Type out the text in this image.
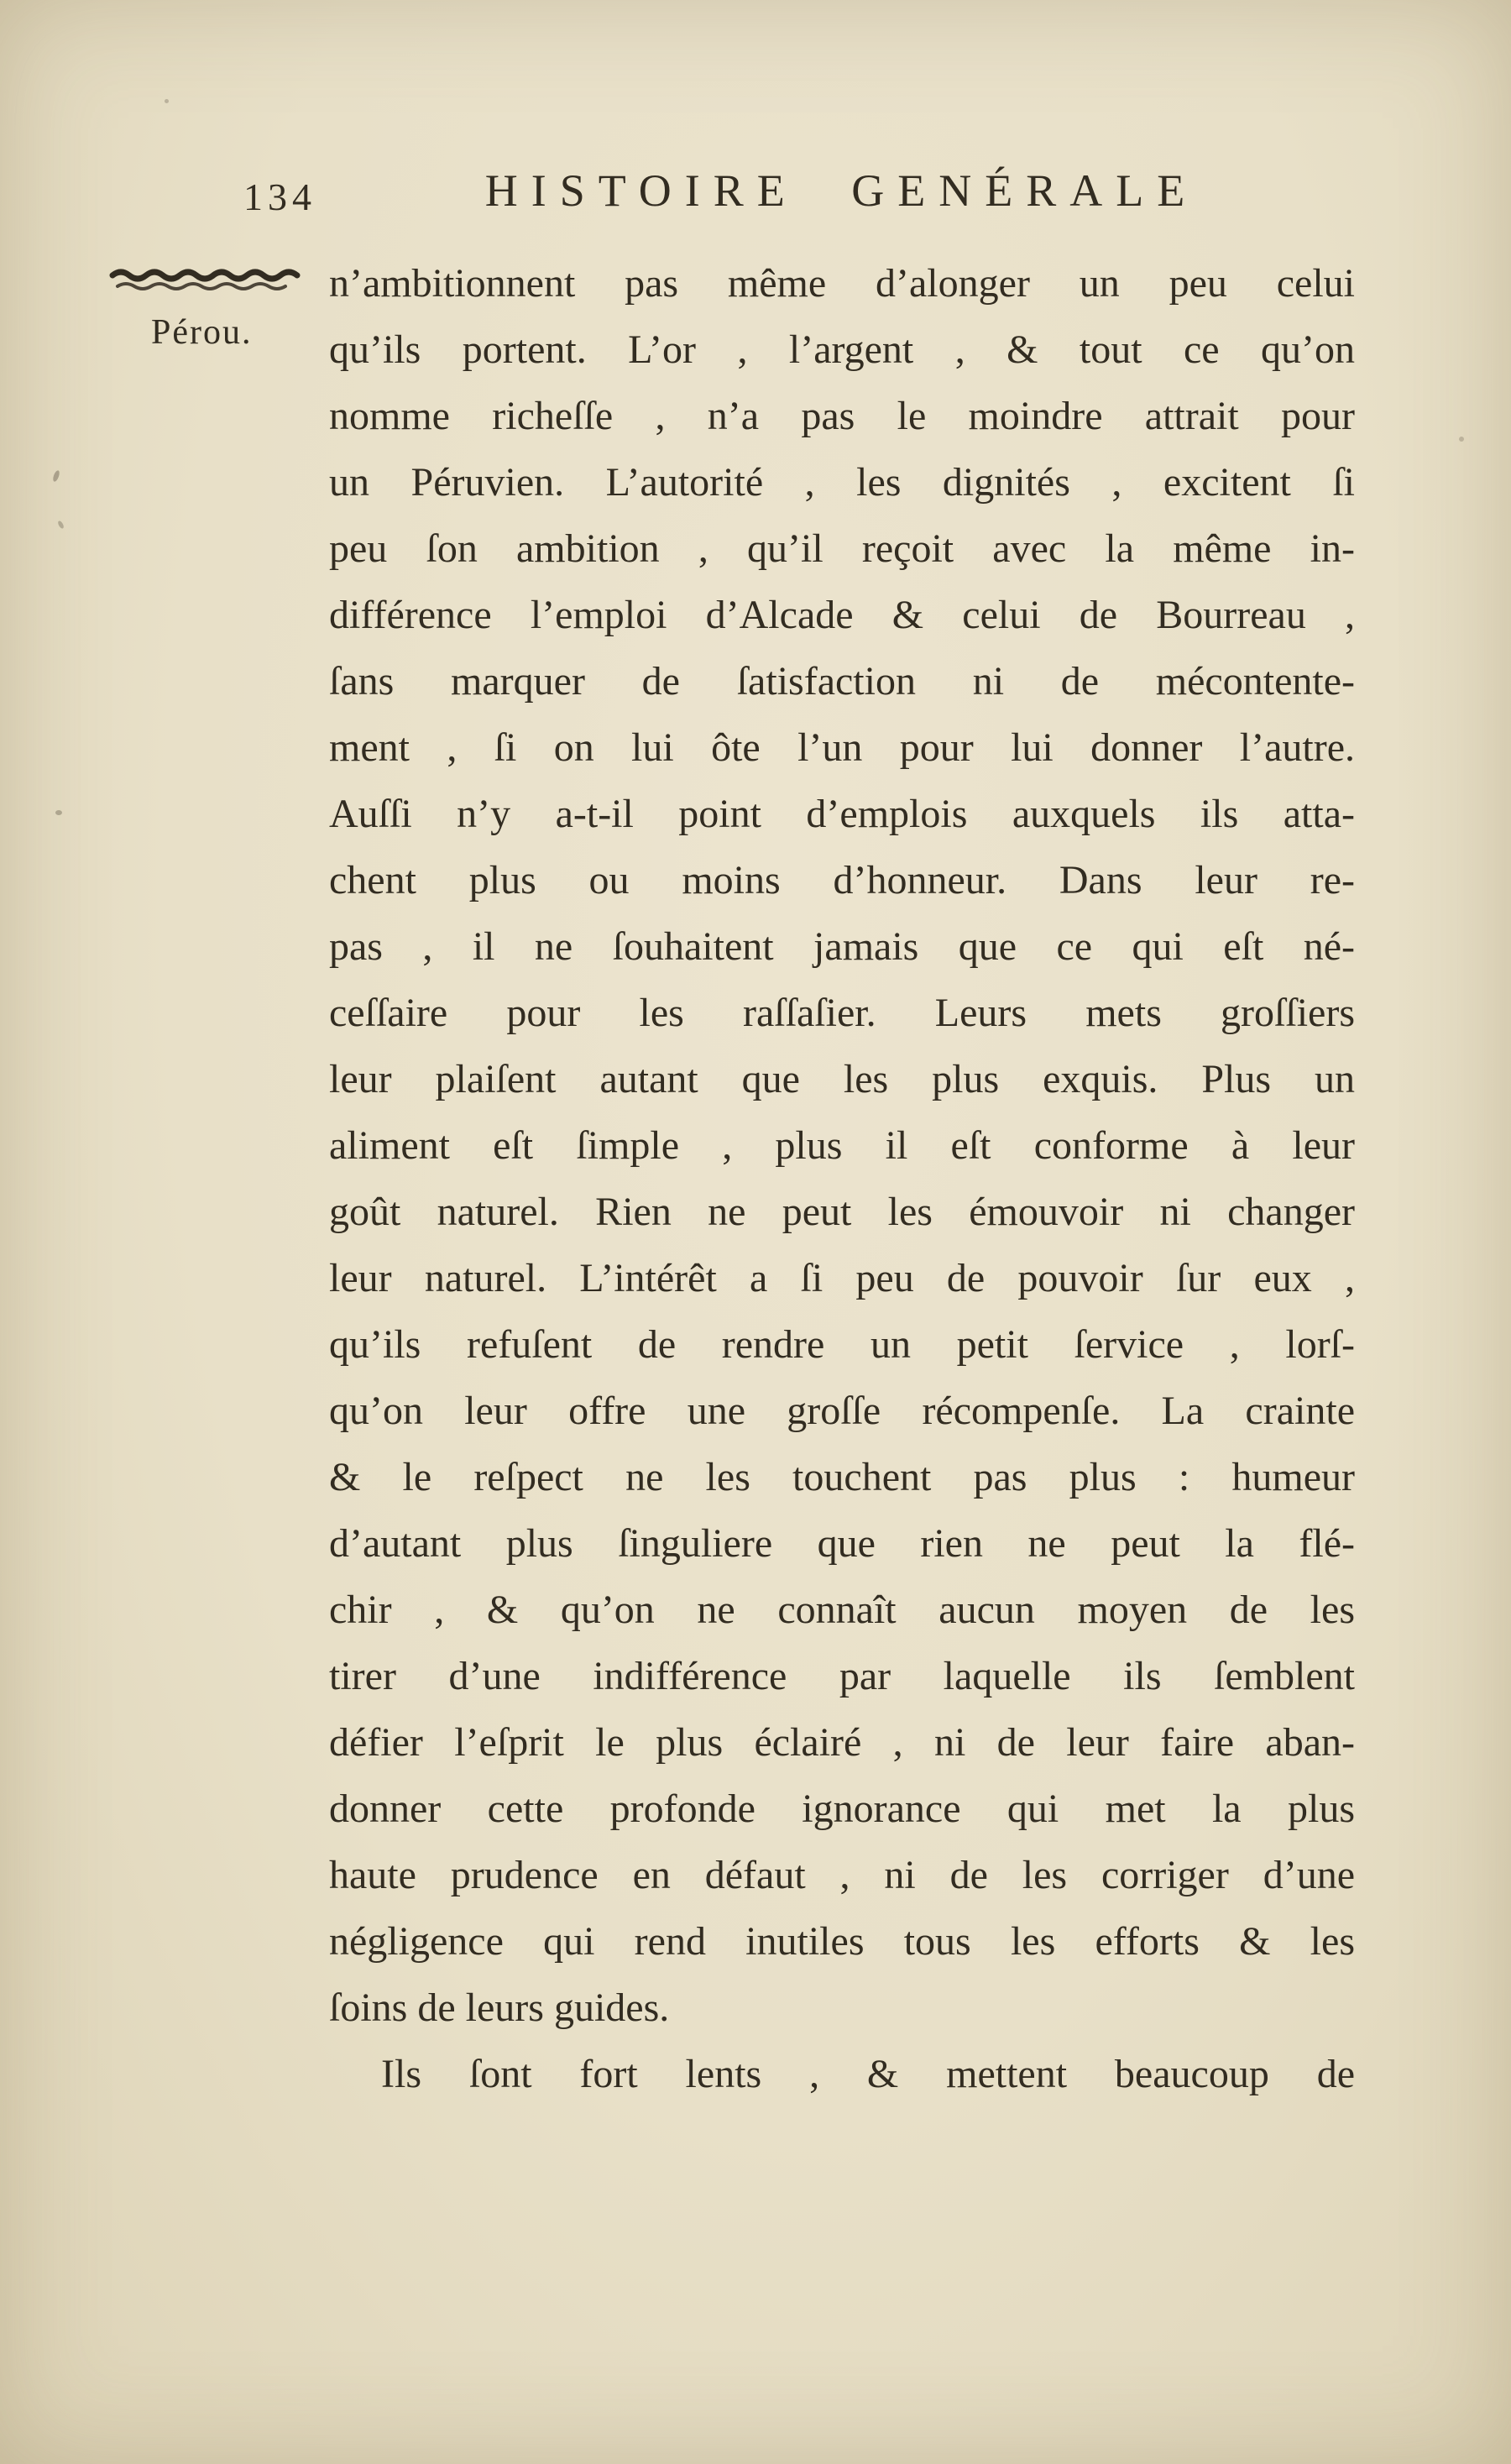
134	HISTOIRE GENÉRALE
Pérou.
n’ambitionnent pas même d’alonger un peu celui
qu’ils portent. L’or , l’argent , & tout ce qu’on
nomme richeſſe , n’a pas le moindre attrait pour
un Péruvien. L’autorité , les dignités , excitent ſi
peu ſon ambition , qu’il reçoit avec la même in-
différence l’emploi d’Alcade & celui de Bourreau ,
ſans marquer de ſatisfaction ni de mécontente-
ment , ſi on lui ôte l’un pour lui donner l’autre.
Auſſi n’y a-t-il point d’emplois auxquels ils atta-
chent plus ou moins d’honneur. Dans leur re-
pas , il ne ſouhaitent jamais que ce qui eſt né-
ceſſaire pour les raſſaſier. Leurs mets groſſiers
leur plaiſent autant que les plus exquis. Plus un
aliment eſt ſimple , plus il eſt conforme à leur
goût naturel. Rien ne peut les émouvoir ni changer
leur naturel. L’intérêt a ſi peu de pouvoir ſur eux ,
qu’ils refuſent de rendre un petit ſervice , lorſ-
qu’on leur offre une groſſe récompenſe. La crainte
& le reſpect ne les touchent pas plus : humeur
d’autant plus ſinguliere que rien ne peut la flé-
chir , & qu’on ne connaît aucun moyen de les
tirer d’une indifférence par laquelle ils ſemblent
défier l’eſprit le plus éclairé , ni de leur faire aban-
donner cette profonde ignorance qui met la plus
haute prudence en défaut , ni de les corriger d’une
négligence qui rend inutiles tous les efforts & les
ſoins de leurs guides.
Ils ſont fort lents , & mettent beaucoup de
